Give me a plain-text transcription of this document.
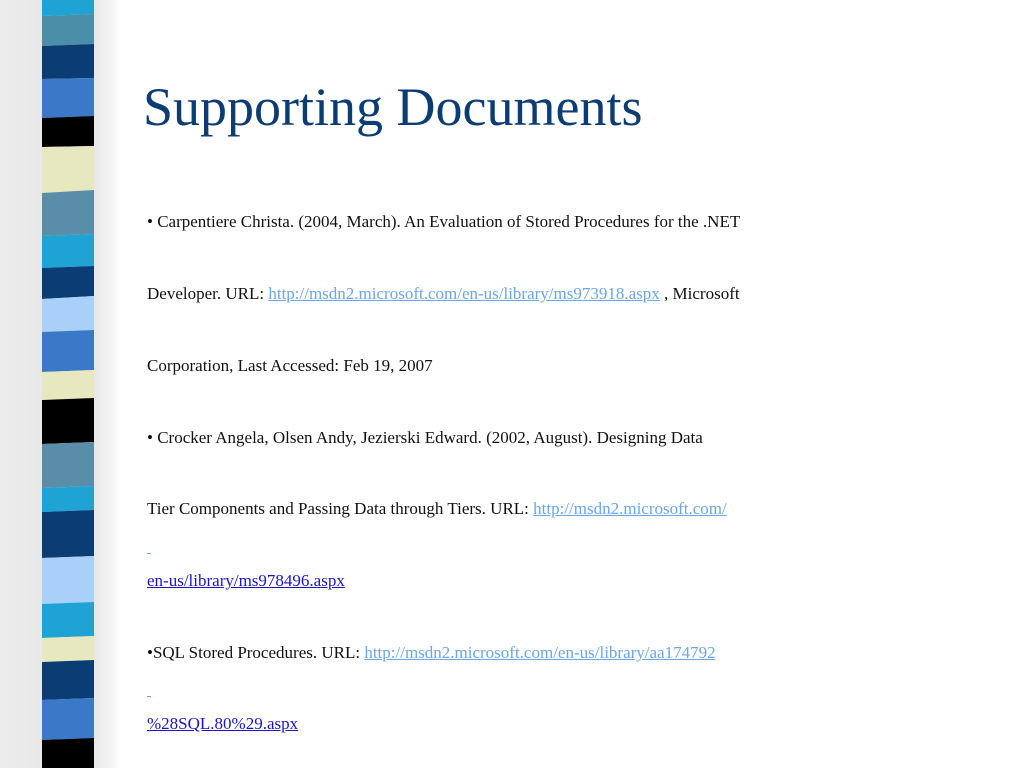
Supporting Documents
• Carpentiere Christa. (2004, March). An Evaluation of Stored Procedures for the .NET
Developer. URL: http://msdn2.microsoft.com/en-us/library/ms973918.aspx , Microsoft
Corporation, Last Accessed: Feb 19, 2007
• Crocker Angela, Olsen Andy, Jezierski Edward. (2002, August). Designing Data
Tier Components and Passing Data through Tiers. URL: http://msdn2.microsoft.com/
en-us/library/ms978496.aspx
•SQL Stored Procedures. URL: http://msdn2.microsoft.com/en-us/library/aa174792
%28SQL.80%29.aspx
